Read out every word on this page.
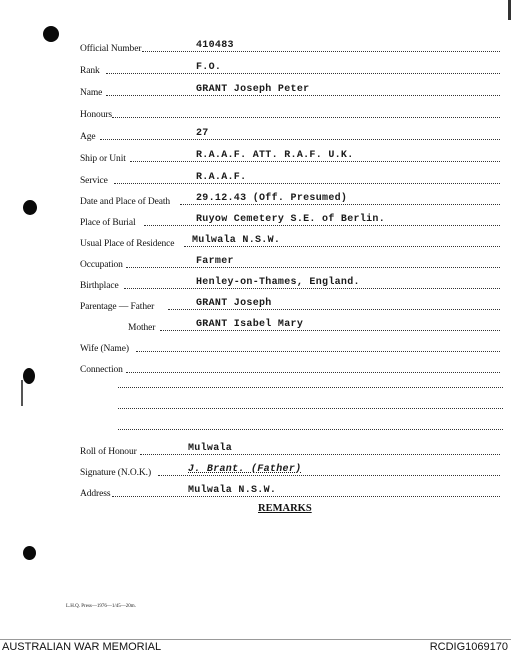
Official Number	410483
Rank	F.O.
Name	GRANT Joseph Peter
Honours
Age	27
Ship or Unit	R.A.A.F. ATT. R.A.F. U.K.
Service	R.A.A.F.
Date and Place of Death	29.12.43 (Off. Presumed)
Place of Burial	Ruyow Cemetery S.E. of Berlin.
Usual Place of Residence Mulwala N.S.W.
Occupation	Farmer
Birthplace	Henley-on-Thames, England.
Parentage — Father	GRANT Joseph
Mother	GRANT Isabel Mary
Wife (Name)
Connection
Roll of Honour	Mulwala
Signature (N.O.K.)	J. Brant. (Father)
Address	Mulwala N.S.W.
REMARKS
L.H.Q. Press—1976—1/45—20m.
AUSTRALIAN WAR MEMORIAL	RCDIG1069170
